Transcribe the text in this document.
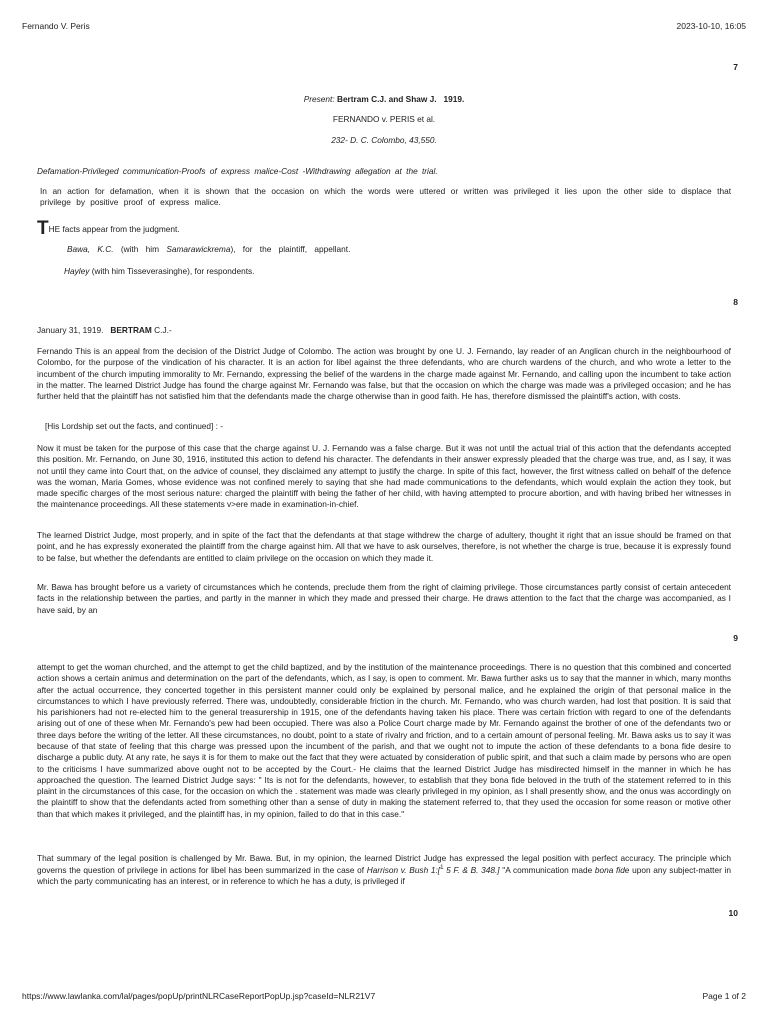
Fernando V. Peris	2023-10-10, 16:05
7
Present: Bertram C.J. and Shaw J. 1919.
FERNANDO v. PERIS et al.
232- D. C. Colombo, 43,550.
Defamation-Privileged communication-Proofs of express malice-Cost -Withdrawing allegation at the trial.
In an action for defamation, when it is shown that the occasion on which the words were uttered or written was privileged it lies upon the other side to displace that privilege by positive proof of express malice.
THE facts appear from the judgment.
Bawa, K.C. (with him Samarawickrema), for the plaintiff, appellant.
Hayley (with him Tisseverasinghe), for respondents.
8
January 31, 1919. BERTRAM C.J.-
Fernando This is an appeal from the decision of the District Judge of Colombo. The action was brought by one U. J. Fernando, lay reader of an Anglican church in the neighbourhood of Colombo, for the purpose of the vindication of his character. It is an action for libel against the three defendants, who are church wardens of the church, and who wrote a letter to the incumbent of the church imputing immorality to Mr. Fernando, expressing the belief of the wardens in the charge made against Mr. Fernando, and calling upon the incumbent to take action in the matter. The learned District Judge has found the charge against Mr. Fernando was false, but that the occasion on which the charge was made was a privileged occasion; and he has further held that the plaintiff has not satisfied him that the defendants made the charge otherwise than in good faith. He has, therefore dismissed the plaintiff's action, with costs.
[His Lordship set out the facts, and continued] : -
Now it must be taken for the purpose of this case that the charge against U. J. Fernando was a false charge. But it was not until the actual trial of this action that the defendants accepted this position. Mr. Fernando, on June 30, 1916, instituted this action to defend his character. The defendants in their answer expressly pleaded that the charge was true, and, as I say, it was not until they came into Court that, on the advice of counsel, they disclaimed any attempt to justify the charge. In spite of this fact, however, the first witness called on behalf of the defence was the woman, Maria Gomes, whose evidence was not confined merely to saying that she had made communications to the defendants, which would explain the action they took, but made specific charges of the most serious nature: charged the plaintiff with being the father of her child, with having attempted to procure abortion, and with having bribed her witnesses in the maintenance proceedings. All these statements v>ere made in examination-in-chief.
The learned District Judge, most properly, and in spite of the fact that the defendants at that stage withdrew the charge of adultery, thought it right that an issue should be framed on that point, and he has expressly exonerated the plaintiff from the charge against him. All that we have to ask ourselves, therefore, is not whether the charge is true, because it is expressly found to be false, but whether the defendants are entitled to claim privilege on the occasion on which they made it.
Mr. Bawa has brought before us a variety of circumstances which he contends, preclude them from the right of claiming privilege. Those circumstances partly consist of certain antecedent facts in the relationship between the parties, and partly in the manner in which they made and pressed their charge. He draws attention to the fact that the charge was accompanied, as I have said, by an
9
attempt to get the woman churched, and the attempt to get the child baptized, and by the institution of the maintenance proceedings. There is no question that this combined and concerted action shows a certain animus and determination on the part of the defendants, which, as I say, is open to comment. Mr. Bawa further asks us to say that the manner in which, many months after the actual occurrence, they concerted together in this persistent manner could only be explained by personal malice, and he explained the origin of that personal malice in the circumstances to which I have previously referred. There was, undoubtedly, considerable friction in the church. Mr. Fernando, who was church warden, had lost that position. It is said that his parishioners had not re-elected him to the general treasurership in 1915, one of the defendants having taken his place. There was certain friction with regard to one of the defendants arising out of one of these when Mr. Fernando's pew had been occupied. There was also a Police Court charge made by Mr. Fernando against the brother of one of the defendants two or three days before the writing of the letter. All these circumstances, no doubt, point to a state of rivalry and friction, and to a certain amount of personal feeling. Mr. Bawa asks us to say it was because of that state of feeling that this charge was pressed upon the incumbent of the parish, and that we ought not to impute the action of these defendants to a bona fide desire to discharge a public duty. At any rate, he says it is for them to make out the fact that they were actuated by consideration of public spirit, and that such a claim made by persons who are open to the criticisms I have summarized above ought not to be accepted by the Court.- He claims that the learned District Judge has misdirected himself in the manner in which he has approached the question. The learned District Judge says: " Its is not for the defendants, however, to establish that they bona fide beloved in the truth of the statement referred to in this plaint in the circumstances of this case, for the occasion on which the . statement was made was clearly privileged in my opinion, as I shall presently show, and the onus was accordingly on the plaintiff to show that the defendants acted from something other than a sense of duty in making the statement referred to, that they used the occasion for some reason or motive other than that which makes it privileged, and the plaintiff has, in my opinion, failed to do that in this case."
That summary of the legal position is challenged by Mr. Bawa. But, in my opinion, the learned District Judge has expressed the legal position with perfect accuracy. The principle which governs the question of privilege in actions for libel has been summarized in the case of Harrison v. Bush 1:[$^1$ 5 F. & B. 348.] "A communication made bona fide upon any subject-matter in which the party communicating has an interest, or in reference to which he has a duty, is privileged if
10
https://www.lawlanka.com/lal/pages/popUp/printNLRCaseReportPopUp.jsp?caseId=NLR21V7	Page 1 of 2
